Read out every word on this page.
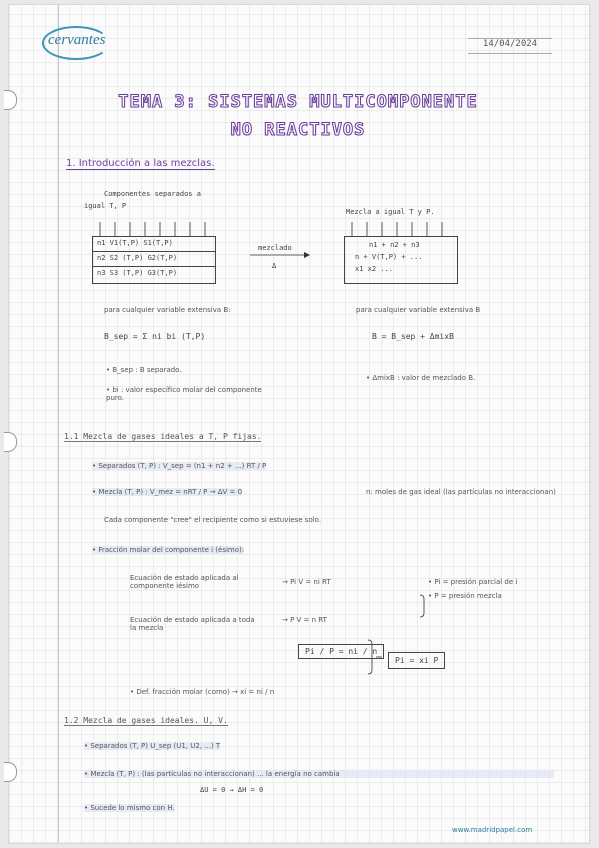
cervantes	14/04/2024
TEMA 3: SISTEMAS MULTICOMPONENTE
NO REACTIVOS
1. Introducción a las mezclas.
Componentes separados a
igual T, P
Mezcla a igual T y P.
n1 V1(T,P) S1(T,P)
n2 S2 (T,P) G2(T,P)
n3 S3 (T,P) G3(T,P)
n1 + n2 + n3
n + V(T,P) + ...
x1 x2 ...
mezclado
Δ
para cualquier variable extensiva B:	para cualquier variable extensiva B
B_sep = Σ ni bi (T,P)	B = B_sep + ΔmixB
• B_sep : B separado.
• bi : valor específico molar del componente puro.
• ΔmixB : valor de mezclado B.
1.1 Mezcla de gases ideales a T, P fijas.
• Separados (T, P) : V_sep = (n1 + n2 + ...) RT / P
• Mezcla (T, P) : V_mez = nRT / P → ΔV = 0	n: moles de gas ideal (las partículas no interaccionan)
Cada componente "cree" el recipiente como si estuviese solo.
• Fracción molar del componente i (ésimo):
Ecuación de estado aplicada al componente iésimo	→ Pi V = ni RT
Ecuación de estado aplicada a toda la mezcla
→ P V = n RT
• Pi = presión parcial de i
• P = presión mezcla
Pi / P = ni / n
• Def. fracción molar (como) → xi = ni / n
Pi = xi P
1.2 Mezcla de gases ideales. U, V.
• Separados (T, P) U_sep (U1, U2, ...) T
• Mezcla (T, P) : (las partículas no interaccionan) ... la energía no cambia
ΔU = 0 → ΔH = 0
• Sucede lo mismo con H.
www.madridpapel.com
